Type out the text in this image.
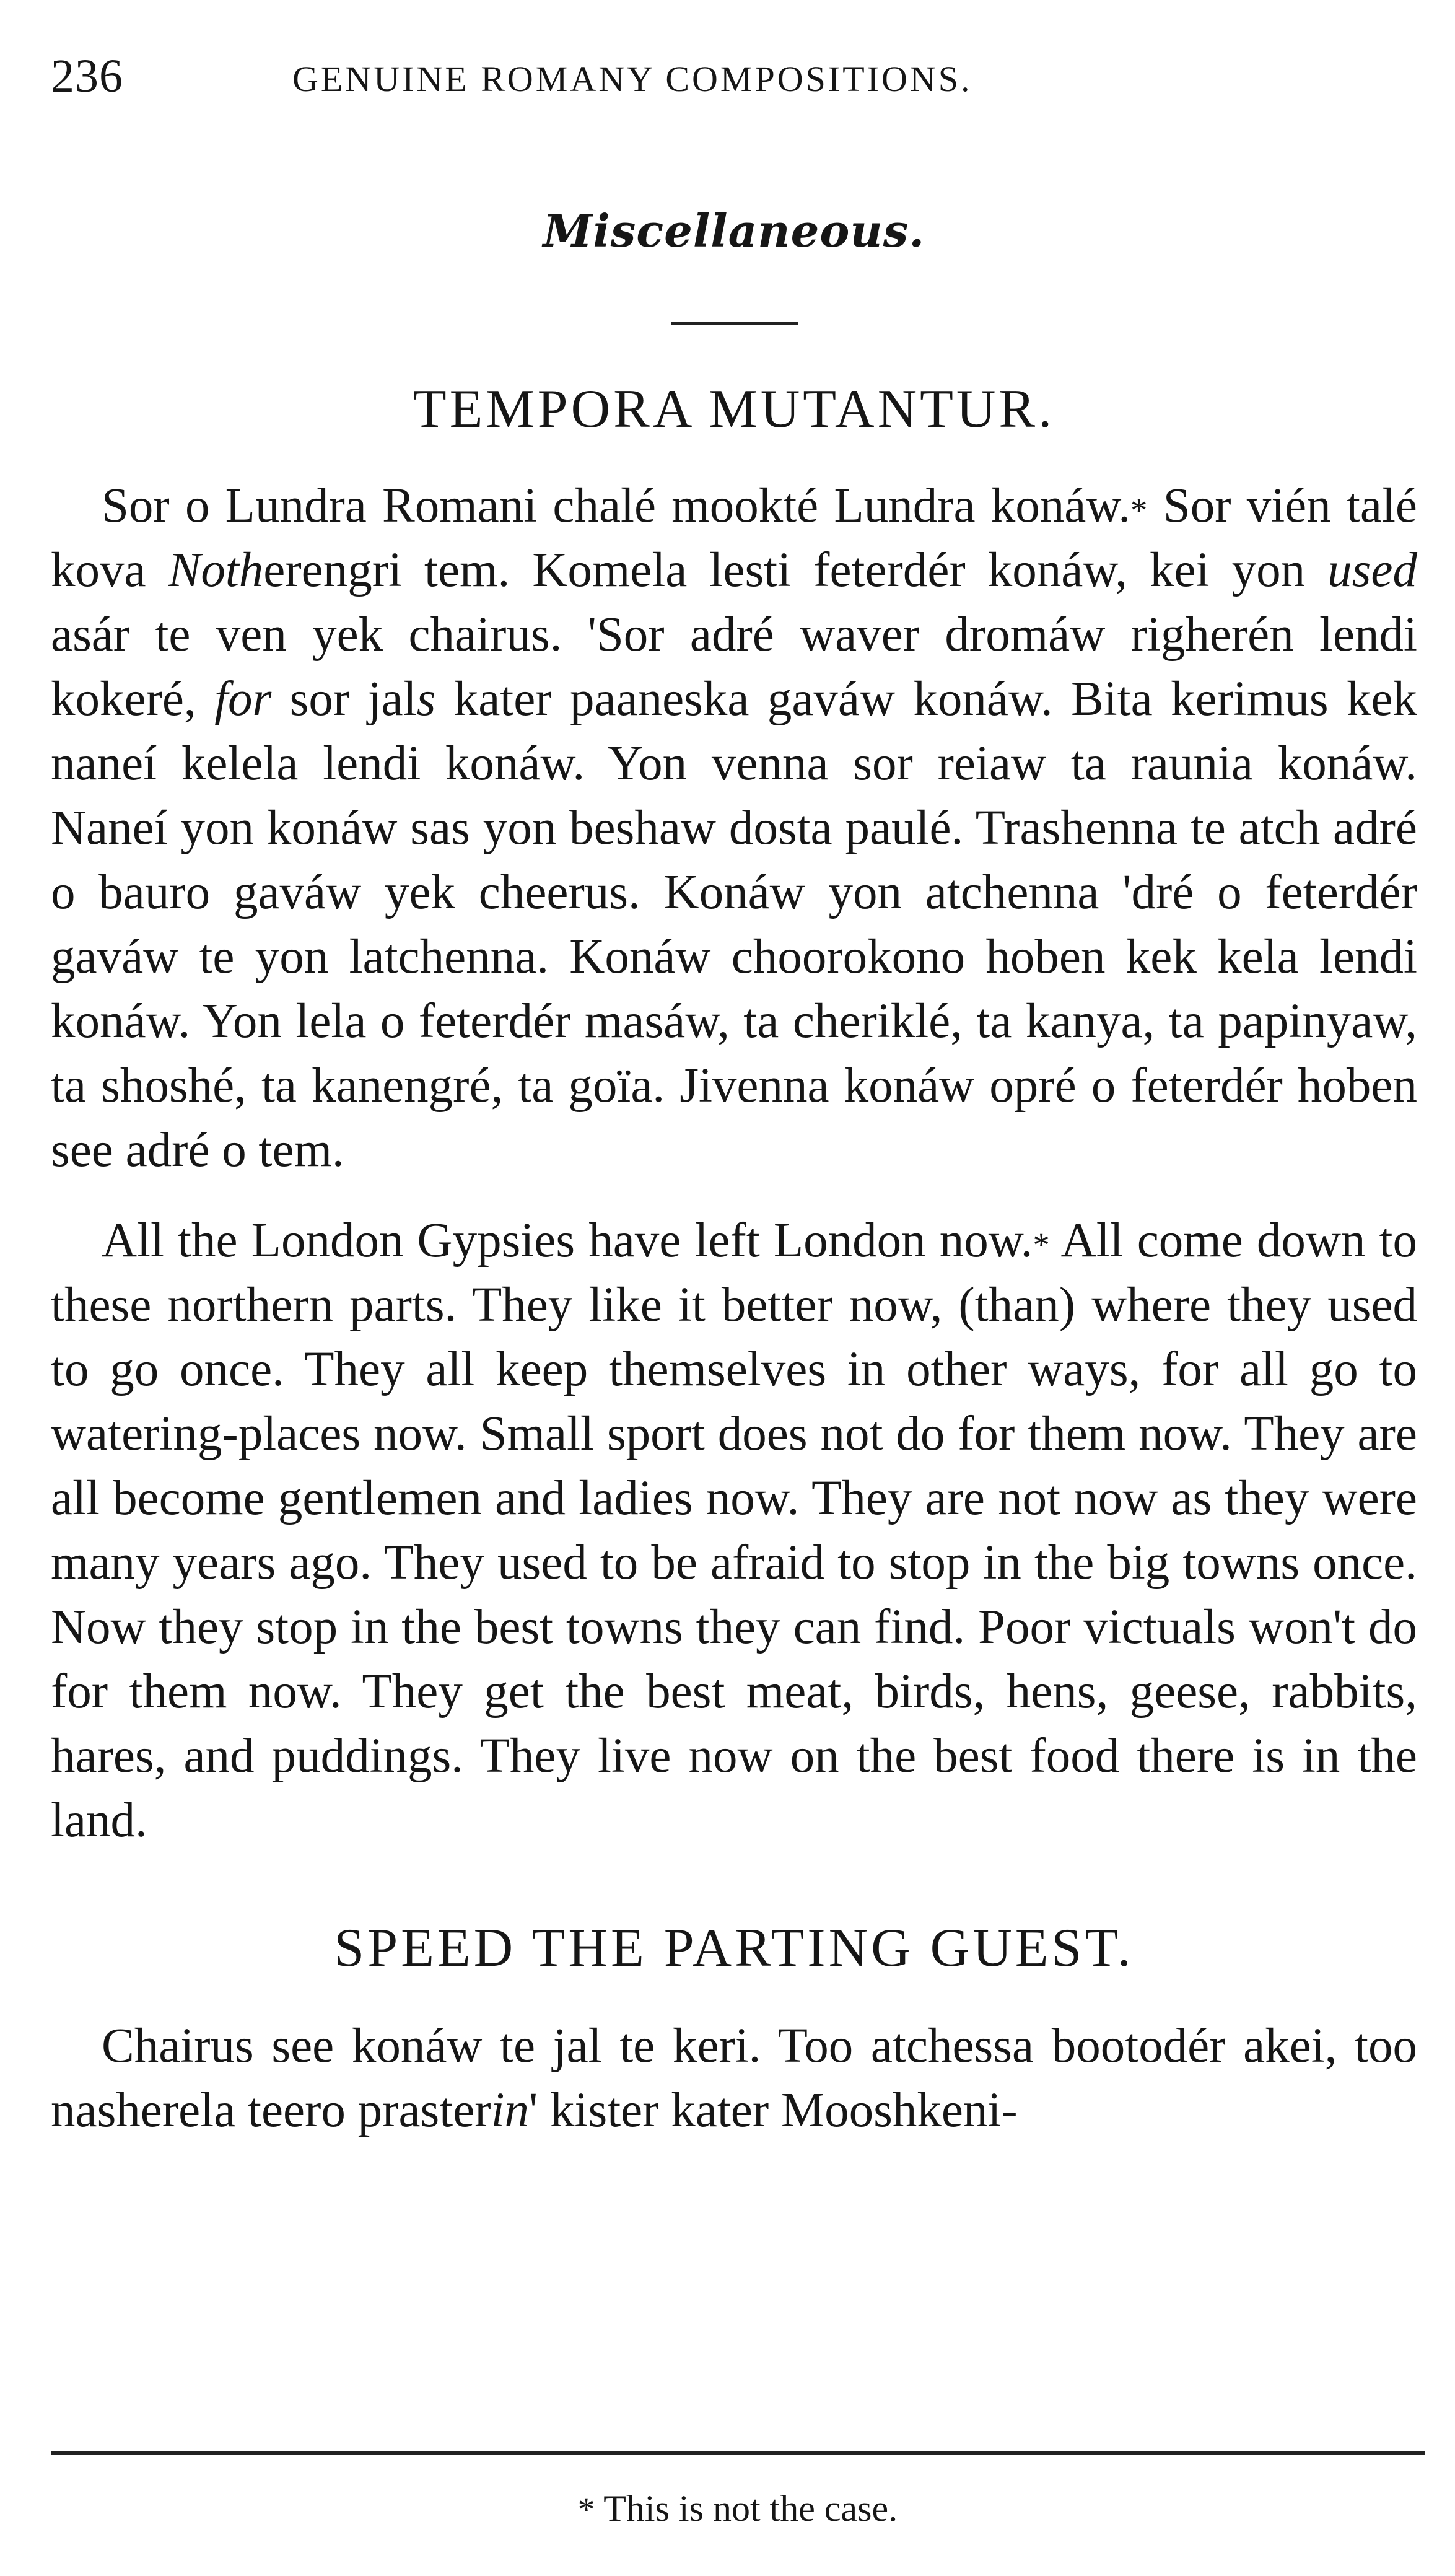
236	GENUINE ROMANY COMPOSITIONS.
Miscellaneous.
TEMPORA MUTANTUR.

Sor o Lundra Romani chalé mookté Lundra konáw.* Sor vién talé kova Notherengri tem. Komela lesti feterdér konáw, kei yon used asár te ven yek chairus. 'Sor adré waver dromáw righerén lendi kokeré, for sor jals kater paaneska gaváw konáw. Bita kerimus kek naneí kelela lendi konáw. Yon venna sor reiaw ta raunia konáw. Naneí yon konáw sas yon beshaw dosta paulé. Trashenna te atch adré o bauro gaváw yek cheerus. Konáw yon atchenna 'dré o feterdér gaváw te yon latchenna. Konáw choorokono hoben kek kela lendi konáw. Yon lela o feterdér masáw, ta cheriklé, ta kanya, ta papinyaw, ta shoshé, ta kanengré, ta goïa. Jivenna konáw opré o feterdér hoben see adré o tem.

All the London Gypsies have left London now.* All come down to these northern parts. They like it better now, (than) where they used to go once. They all keep themselves in other ways, for all go to watering-places now. Small sport does not do for them now. They are all become gentlemen and ladies now. They are not now as they were many years ago. They used to be afraid to stop in the big towns once. Now they stop in the best towns they can find. Poor victuals won't do for them now. They get the best meat, birds, hens, geese, rabbits, hares, and puddings. They live now on the best food there is in the land.

SPEED THE PARTING GUEST.

Chairus see konáw te jal te keri. Too atchessa bootodér akei, too nasherela teero prasterin' kister kater Mooshkeni-

* This is not the case.
